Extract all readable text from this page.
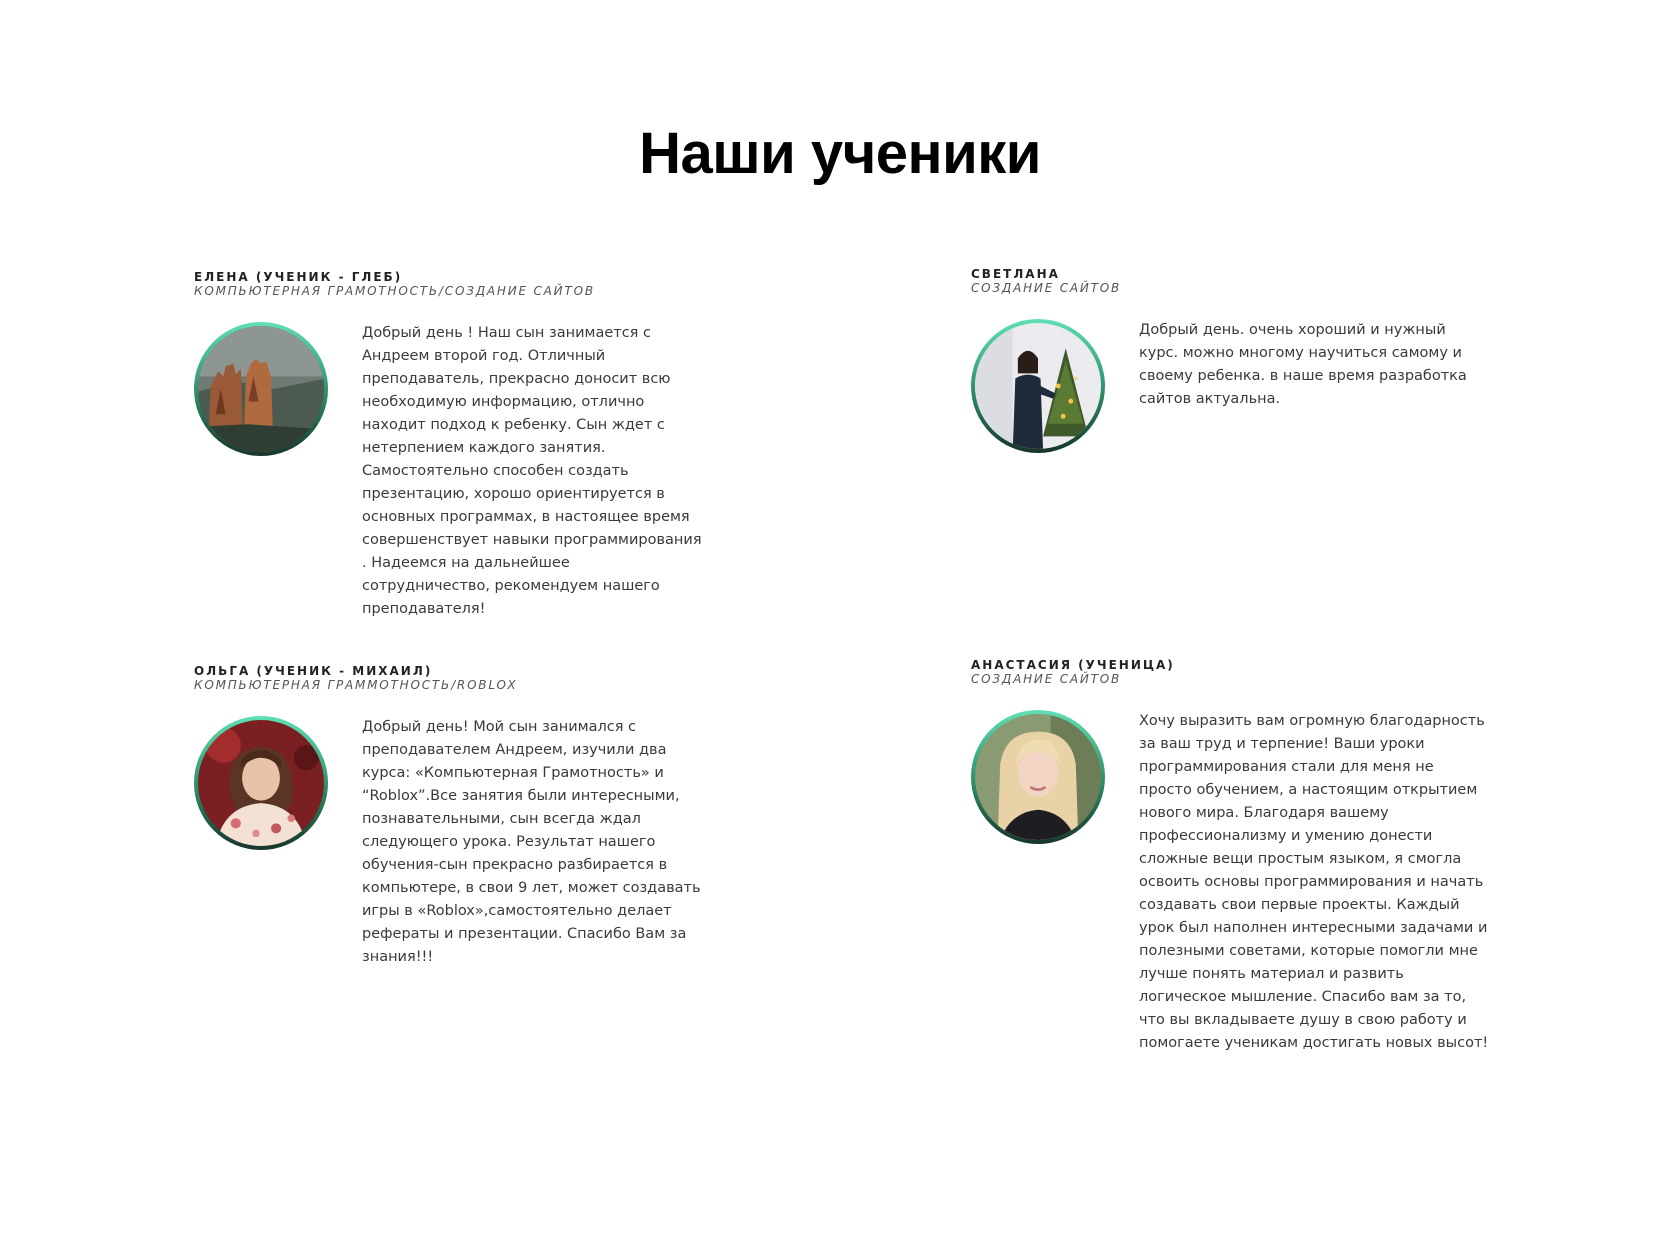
Наши ученики
ЕЛЕНА (УЧЕНИК - ГЛЕБ)
КОМПЬЮТЕРНАЯ ГРАМОТНОСТЬ/СОЗДАНИЕ САЙТОВ

Добрый день ! Наш сын занимается с Андреем второй год. Отличный преподаватель, прекрасно доносит всю необходимую информацию, отлично находит подход к ребенку. Сын ждет с нетерпением каждого занятия. Самостоятельно способен создать презентацию, хорошо ориентируется в основных программах, в настоящее время совершенствует навыки программирования . Надеемся на дальнейшее сотрудничество, рекомендуем нашего преподавателя!

СВЕТЛАНА
СОЗДАНИЕ САЙТОВ

Добрый день. очень хороший и нужный курс. можно многому научиться самому и своему ребенка. в наше время разработка сайтов актуальна.

ОЛЬГА (УЧЕНИК - МИХАИЛ)
КОМПЬЮТЕРНАЯ ГРАММОТНОСТЬ/ROBLOX

Добрый день! Мой сын занимался с преподавателем Андреем, изучили два курса: «Компьютерная Грамотность» и “Roblox”.Все занятия были интересными, познавательными, сын всегда ждал следующего урока. Результат нашего обучения-сын прекрасно разбирается в компьютере, в свои 9 лет, может создавать игры в «Roblox»,самостоятельно делает рефераты и презентации. Спасибо Вам за знания!!!

АНАСТАСИЯ (УЧЕНИЦА)
СОЗДАНИЕ САЙТОВ

Хочу выразить вам огромную благодарность за ваш труд и терпение! Ваши уроки программирования стали для меня не просто обучением, а настоящим открытием нового мира. Благодаря вашему профессионализму и умению донести сложные вещи простым языком, я смогла освоить основы программирования и начать создавать свои первые проекты. Каждый урок был наполнен интересными задачами и полезными советами, которые помогли мне лучше понять материал и развить логическое мышление. Спасибо вам за то, что вы вкладываете душу в свою работу и помогаете ученикам достигать новых высот!
